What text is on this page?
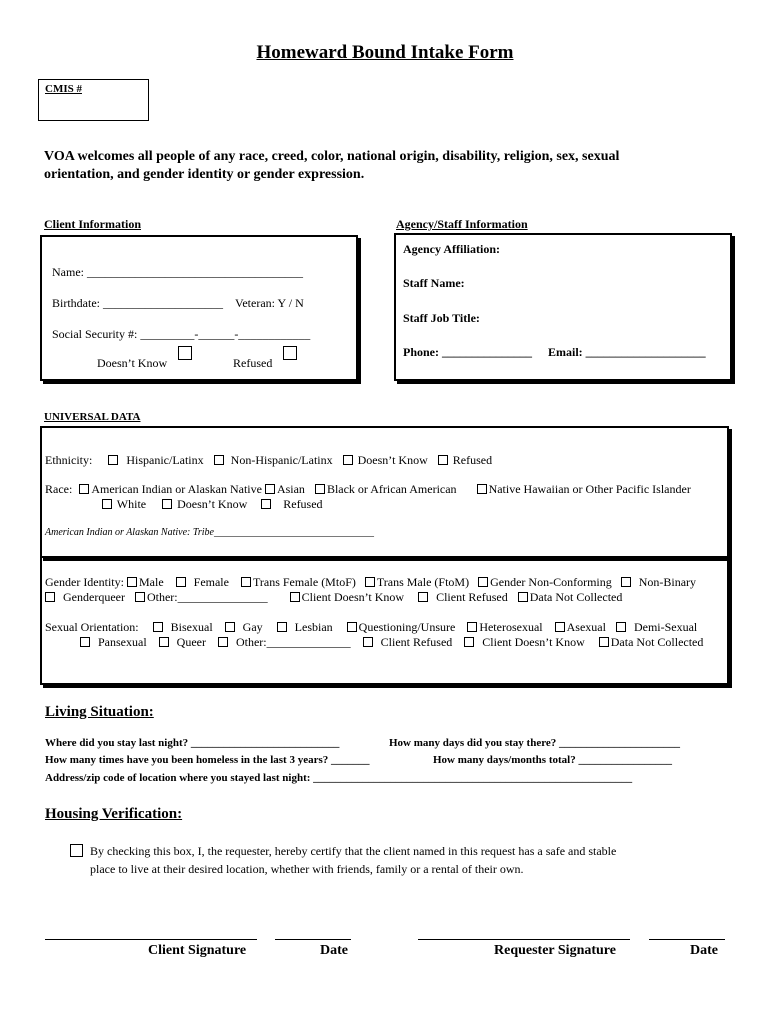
Homeward Bound Intake Form
CMIS #
VOA welcomes all people of any race, creed, color, national origin, disability, religion, sex, sexual
orientation, and gender identity or gender expression.
Client Information
Name: ____________________________________
Birthdate: ____________________ Veteran: Y / N
Social Security #: _________-______-____________
Doesn’t Know	Refused
Agency/Staff Information
Agency Affiliation:
Staff Name:
Staff Job Title:
Phone: _______________ Email: ____________________
UNIVERSAL DATA
Ethnicity:	Hispanic/Latinx Non-Hispanic/Latinx Doesn’t Know Refused
Race: American Indian or Alaskan Native Asian Black or African American	Native Hawaiian or Other Pacific Islander
White	Doesn’t Know	Refused
American Indian or Alaskan Native: Tribe________________________________
Gender Identity: Male	Female Trans Female (MtoF) Trans Male (FtoM) Gender Non-Conforming Non-Binary
Genderqueer Other:_______________	Client Doesn’t Know	Client Refused Data Not Collected
Sexual Orientation:	Bisexual	Gay	Lesbian Questioning/Unsure Heterosexual Asexual Demi-Sexual
Pansexual	Queer	Other:______________	Client Refused	Client Doesn’t Know Data Not Collected
Living Situation:
Where did you stay last night? ___________________________	How many days did you stay there? ______________________
How many times have you been homeless in the last 3 years? _______	How many days/months total? _________________
Address/zip code of location where you stayed last night: __________________________________________________________
Housing Verification:
By checking this box, I, the requester, hereby certify that the client named in this request has a safe and stable
place to live at their desired location, whether with friends, family or a rental of their own.
Client Signature	Date	Requester Signature	Date
